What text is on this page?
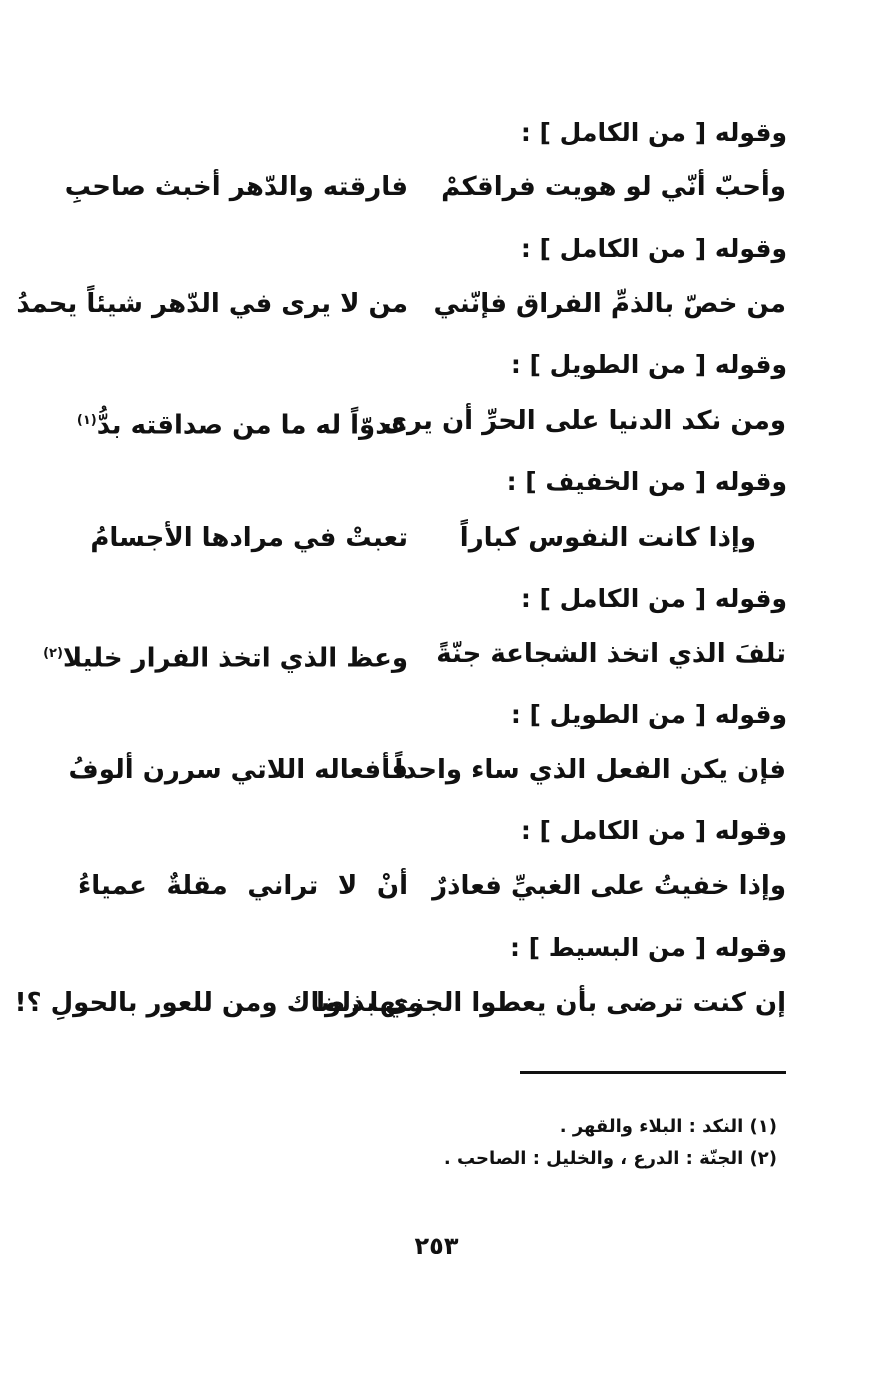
وقوله [ من الكامل ] :
وأحبّ أنّي لو هويت فراقكمْ
فارقته والدّهر أخبث صاحبِ
وقوله [ من الكامل ] :
من خصّ بالذمِّ الفراق فإنّني
من لا يرى في الدّهر شيئاً يحمدُ
وقوله [ من الطويل ] :
ومن نكد الدنيا على الحرِّ أن يرى
عدوّاً له ما من صداقته بدُّ$^{(١)}$
وقوله [ من الخفيف ] :
وإذا كانت النفوس كباراً
تعبتْ في مرادها الأجسامُ
وقوله [ من الكامل ] :
تلفَ الذي اتخذ الشجاعة جنّةً
وعظ الذي اتخذ الفرار خليلا$^{(٢)}$
وقوله [ من الطويل ] :
فإن يكن الفعل الذي ساء واحداً
فأفعاله اللاتي سررن ألوفُ
وقوله [ من الكامل ] :
وإذا خفيتُ على الغبيِّ فعاذرٌ
أنْ لا تراني مقلةٌ عمياءُ
وقوله [ من البسيط ] :
إن كنت ترضى بأن يعطوا الجزي بذلوا
منها رضاك ومن للعور بالحولِ ؟!
(١) النكد : البلاء والقهر .
(٢) الجنّة : الدرع ، والخليل : الصاحب .
٢٥٣
